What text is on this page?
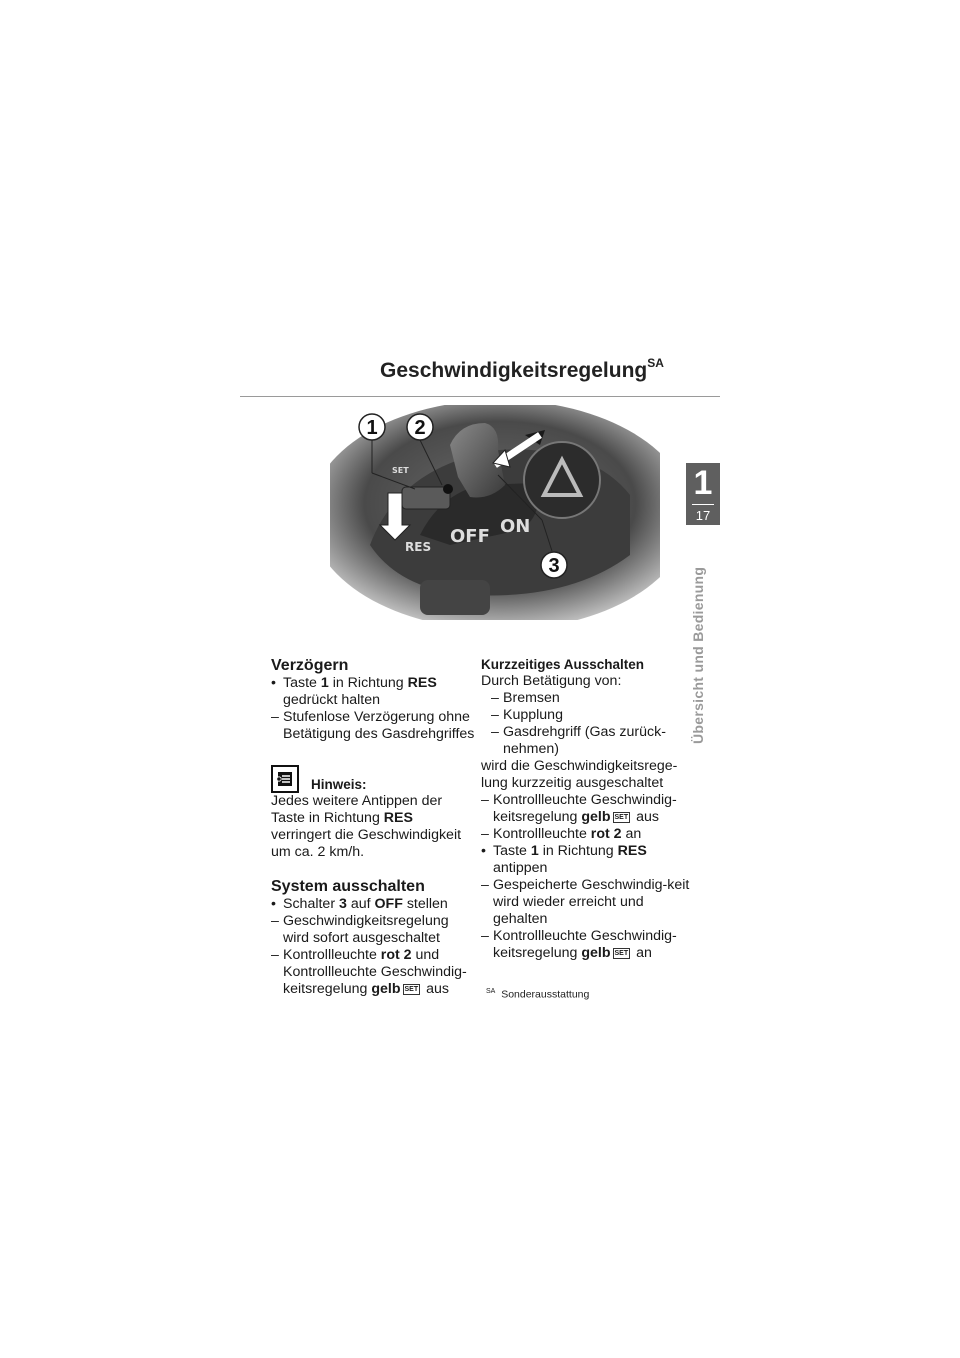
Geschwindigkeitsregelung$^{SA}$
SET
RES OFF ON
1 2
3
1
17
Übersicht und Bedienung
Verzögern
• Taste 1 in Richtung RES
gedrückt halten
– Stufenlose Verzögerung ohne Betätigung des Gasdrehgriffes
Hinweis:

Jedes weitere Antippen der Taste in Richtung RES verringert die Geschwindigkeit um ca. 2 km/h.

System ausschalten
• Schalter 3 auf OFF stellen
– Geschwindigkeitsregelung wird sofort ausgeschaltet
– Kontrollleuchte rot 2 und Kontrollleuchte Geschwindig-keitsregelung gelb SET aus
Kurzzeitiges Ausschalten

Durch Betätigung von:

– Bremsen
– Kupplung
– Gasdrehgriff (Gas zurück-nehmen)

wird die Geschwindigkeitsrege-lung kurzzeitig ausgeschaltet

– Kontrollleuchte Geschwindig-keitsregelung gelb SET aus
– Kontrollleuchte rot 2 an
• Taste 1 in Richtung RES antippen
– Gespeicherte Geschwindig-keit wird wieder erreicht und gehalten
– Kontrollleuchte Geschwindig-keitsregelung gelb SET an
$^{SA}$ Sonderausstattung
